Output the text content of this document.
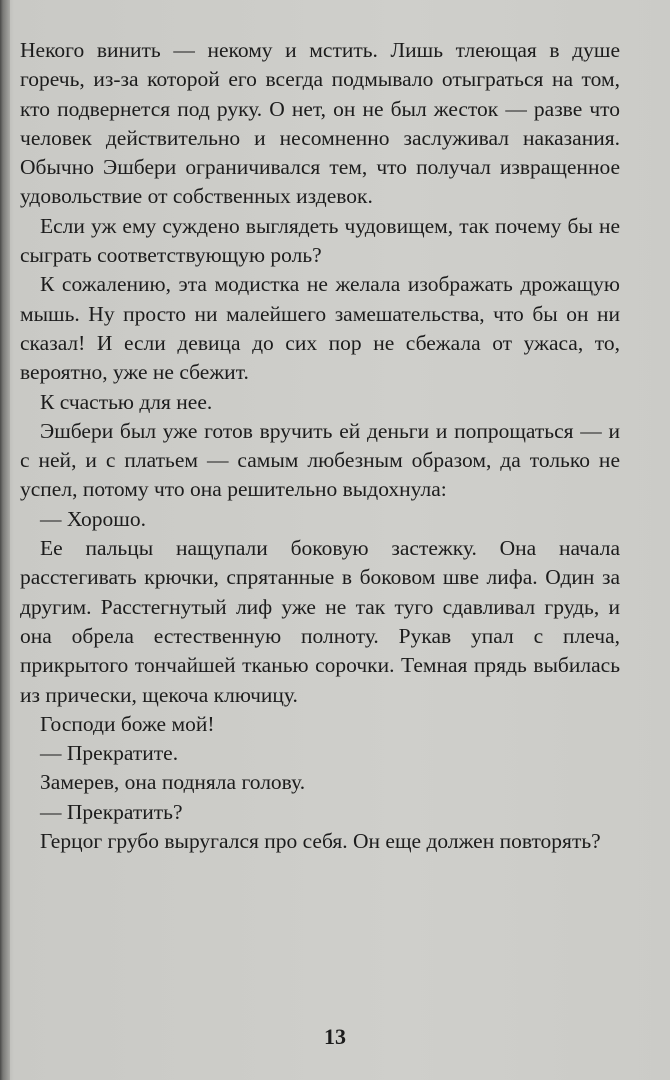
Некого винить — некому и мстить. Лишь тлеющая в душе горечь, из-за которой его всегда подмывало отыграться на том, кто подвернется под руку. О нет, он не был жесток — разве что человек действительно и несомненно заслуживал наказания. Обычно Эшбери ограничивался тем, что получал извращенное удовольствие от собственных издевок.

Если уж ему суждено выглядеть чудовищем, так почему бы не сыграть соответствующую роль?

К сожалению, эта модистка не желала изображать дрожащую мышь. Ну просто ни малейшего замешательства, что бы он ни сказал! И если девица до сих пор не сбежала от ужаса, то, вероятно, уже не сбежит.

К счастью для нее.

Эшбери был уже готов вручить ей деньги и попрощаться — и с ней, и с платьем — самым любезным образом, да только не успел, потому что она решительно выдохнула:

— Хорошо.

Ее пальцы нащупали боковую застежку. Она начала расстегивать крючки, спрятанные в боковом шве лифа. Один за другим. Расстегнутый лиф уже не так туго сдавливал грудь, и она обрела естественную полноту. Рукав упал с плеча, прикрытого тончайшей тканью сорочки. Темная прядь выбилась из прически, щекоча ключицу.

Господи боже мой!

— Прекратите.

Замерев, она подняла голову.

— Прекратить?

Герцог грубо выругался про себя. Он еще должен повторять?

13
